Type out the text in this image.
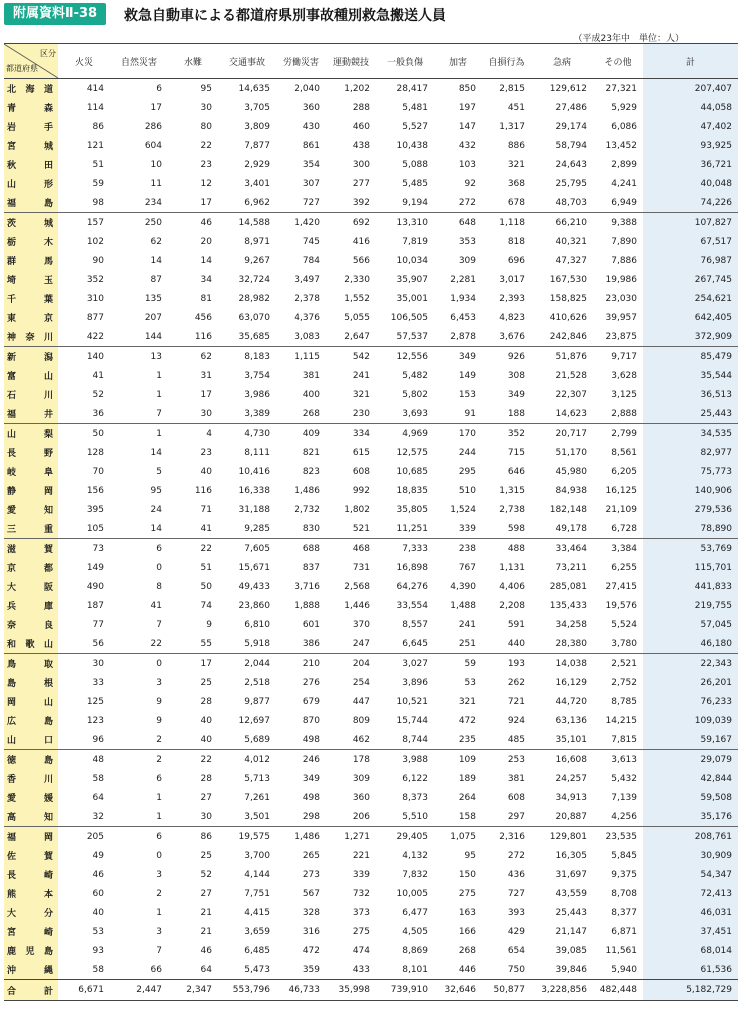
附属資料Ⅱ-38	救急自動車による都道府県別事故種別救急搬送人員
（平成23年中　単位：人）
区分
都道府県	火災	自然災害	水難	交通事故	労働災害	運動競技	一般負傷	加害	自損行為	急病	その他	計
北海道	414	6	95	14,635	2,040	1,202	28,417	850	2,815	129,612	27,321	207,407
青森	114	17	30	3,705	360	288	5,481	197	451	27,486	5,929	44,058
岩手	86	286	80	3,809	430	460	5,527	147	1,317	29,174	6,086	47,402
宮城	121	604	22	7,877	861	438	10,438	432	886	58,794	13,452	93,925
秋田	51	10	23	2,929	354	300	5,088	103	321	24,643	2,899	36,721
山形	59	11	12	3,401	307	277	5,485	92	368	25,795	4,241	40,048
福島	98	234	17	6,962	727	392	9,194	272	678	48,703	6,949	74,226
茨城	157	250	46	14,588	1,420	692	13,310	648	1,118	66,210	9,388	107,827
栃木	102	62	20	8,971	745	416	7,819	353	818	40,321	7,890	67,517
群馬	90	14	14	9,267	784	566	10,034	309	696	47,327	7,886	76,987
埼玉	352	87	34	32,724	3,497	2,330	35,907	2,281	3,017	167,530	19,986	267,745
千葉	310	135	81	28,982	2,378	1,552	35,001	1,934	2,393	158,825	23,030	254,621
東京	877	207	456	63,070	4,376	5,055	106,505	6,453	4,823	410,626	39,957	642,405
神奈川	422	144	116	35,685	3,083	2,647	57,537	2,878	3,676	242,846	23,875	372,909
新潟	140	13	62	8,183	1,115	542	12,556	349	926	51,876	9,717	85,479
富山	41	1	31	3,754	381	241	5,482	149	308	21,528	3,628	35,544
石川	52	1	17	3,986	400	321	5,802	153	349	22,307	3,125	36,513
福井	36	7	30	3,389	268	230	3,693	91	188	14,623	2,888	25,443
山梨	50	1	4	4,730	409	334	4,969	170	352	20,717	2,799	34,535
長野	128	14	23	8,111	821	615	12,575	244	715	51,170	8,561	82,977
岐阜	70	5	40	10,416	823	608	10,685	295	646	45,980	6,205	75,773
静岡	156	95	116	16,338	1,486	992	18,835	510	1,315	84,938	16,125	140,906
愛知	395	24	71	31,188	2,732	1,802	35,805	1,524	2,738	182,148	21,109	279,536
三重	105	14	41	9,285	830	521	11,251	339	598	49,178	6,728	78,890
滋賀	73	6	22	7,605	688	468	7,333	238	488	33,464	3,384	53,769
京都	149	0	51	15,671	837	731	16,898	767	1,131	73,211	6,255	115,701
大阪	490	8	50	49,433	3,716	2,568	64,276	4,390	4,406	285,081	27,415	441,833
兵庫	187	41	74	23,860	1,888	1,446	33,554	1,488	2,208	135,433	19,576	219,755
奈良	77	7	9	6,810	601	370	8,557	241	591	34,258	5,524	57,045
和歌山	56	22	55	5,918	386	247	6,645	251	440	28,380	3,780	46,180
鳥取	30	0	17	2,044	210	204	3,027	59	193	14,038	2,521	22,343
島根	33	3	25	2,518	276	254	3,896	53	262	16,129	2,752	26,201
岡山	125	9	28	9,877	679	447	10,521	321	721	44,720	8,785	76,233
広島	123	9	40	12,697	870	809	15,744	472	924	63,136	14,215	109,039
山口	96	2	40	5,689	498	462	8,744	235	485	35,101	7,815	59,167
徳島	48	2	22	4,012	246	178	3,988	109	253	16,608	3,613	29,079
香川	58	6	28	5,713	349	309	6,122	189	381	24,257	5,432	42,844
愛媛	64	1	27	7,261	498	360	8,373	264	608	34,913	7,139	59,508
高知	32	1	30	3,501	298	206	5,510	158	297	20,887	4,256	35,176
福岡	205	6	86	19,575	1,486	1,271	29,405	1,075	2,316	129,801	23,535	208,761
佐賀	49	0	25	3,700	265	221	4,132	95	272	16,305	5,845	30,909
長崎	46	3	52	4,144	273	339	7,832	150	436	31,697	9,375	54,347
熊本	60	2	27	7,751	567	732	10,005	275	727	43,559	8,708	72,413
大分	40	1	21	4,415	328	373	6,477	163	393	25,443	8,377	46,031
宮崎	53	3	21	3,659	316	275	4,505	166	429	21,147	6,871	37,451
鹿児島	93	7	46	6,485	472	474	8,869	268	654	39,085	11,561	68,014
沖縄	58	66	64	5,473	359	433	8,101	446	750	39,846	5,940	61,536
合計	6,671	2,447	2,347	553,796	46,733	35,998	739,910	32,646	50,877	3,228,856	482,448	5,182,729
